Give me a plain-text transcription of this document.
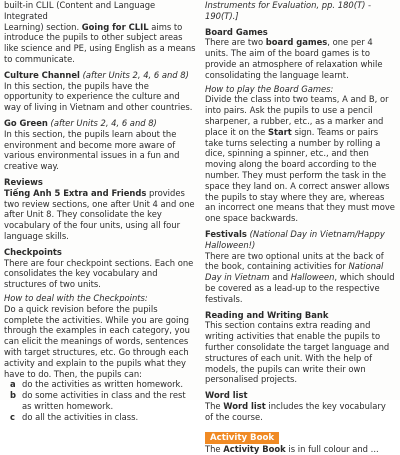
built-in CLIL (Content and Language Integrated
Learning) section. Going for CLIL aims to introduce the pupils to other subject areas like science and PE, using English as a means to communicate.

Culture Channel (after Units 2, 4, 6 and 8)

In this section, the pupils have the opportunity to experience the culture and way of living in Vietnam and other countries.

Go Green (after Units 2, 4, 6 and 8)

In this section, the pupils learn about the environment and become more aware of various environmental issues in a fun and creative way.

Reviews

Tiếng Anh 5 Extra and Friends provides two review sections, one after Unit 4 and one after Unit 8. They consolidate the key vocabulary of the four units, using all four language skills.

Checkpoints

There are four checkpoint sections. Each one consolidates the key vocabulary and structures of two units.

How to deal with the Checkpoints:

Do a quick revision before the pupils complete the activities. While you are going through the examples in each category, you can elicit the meanings of words, sentences with target structures, etc. Go through each activity and explain to the pupils what they have to do. Then, the pupils can:

a do the activities as written homework.
b do some activities in class and the rest as written homework.
c do all the activities in class.

Instruments for Evaluation, pp. 180(T) - 190(T).]

Board Games

There are two board games, one per 4 units. The aim of the board games is to provide an atmosphere of relaxation while consolidating the language learnt.

How to play the Board Games:

Divide the class into two teams, A and B, or into pairs. Ask the pupils to use a pencil sharpener, a rubber, etc., as a marker and place it on the Start sign. Teams or pairs take turns selecting a number by rolling a dice, spinning a spinner, etc., and then moving along the board according to the number. They must perform the task in the space they land on. A correct answer allows the pupils to stay where they are, whereas an incorrect one means that they must move one space backwards.

Festivals (National Day in Vietnam/Happy Halloween!)

There are two optional units at the back of the book, containing activities for National Day in Vietnam and Halloween, which should be covered as a lead-up to the respective festivals.

Reading and Writing Bank

This section contains extra reading and writing activities that enable the pupils to further consolidate the target language and structures of each unit. With the help of models, the pupils can write their own personalised projects.

Word list

The Word list includes the key vocabulary of the course.

Activity Book

The Activity Book is in full colour and ...
